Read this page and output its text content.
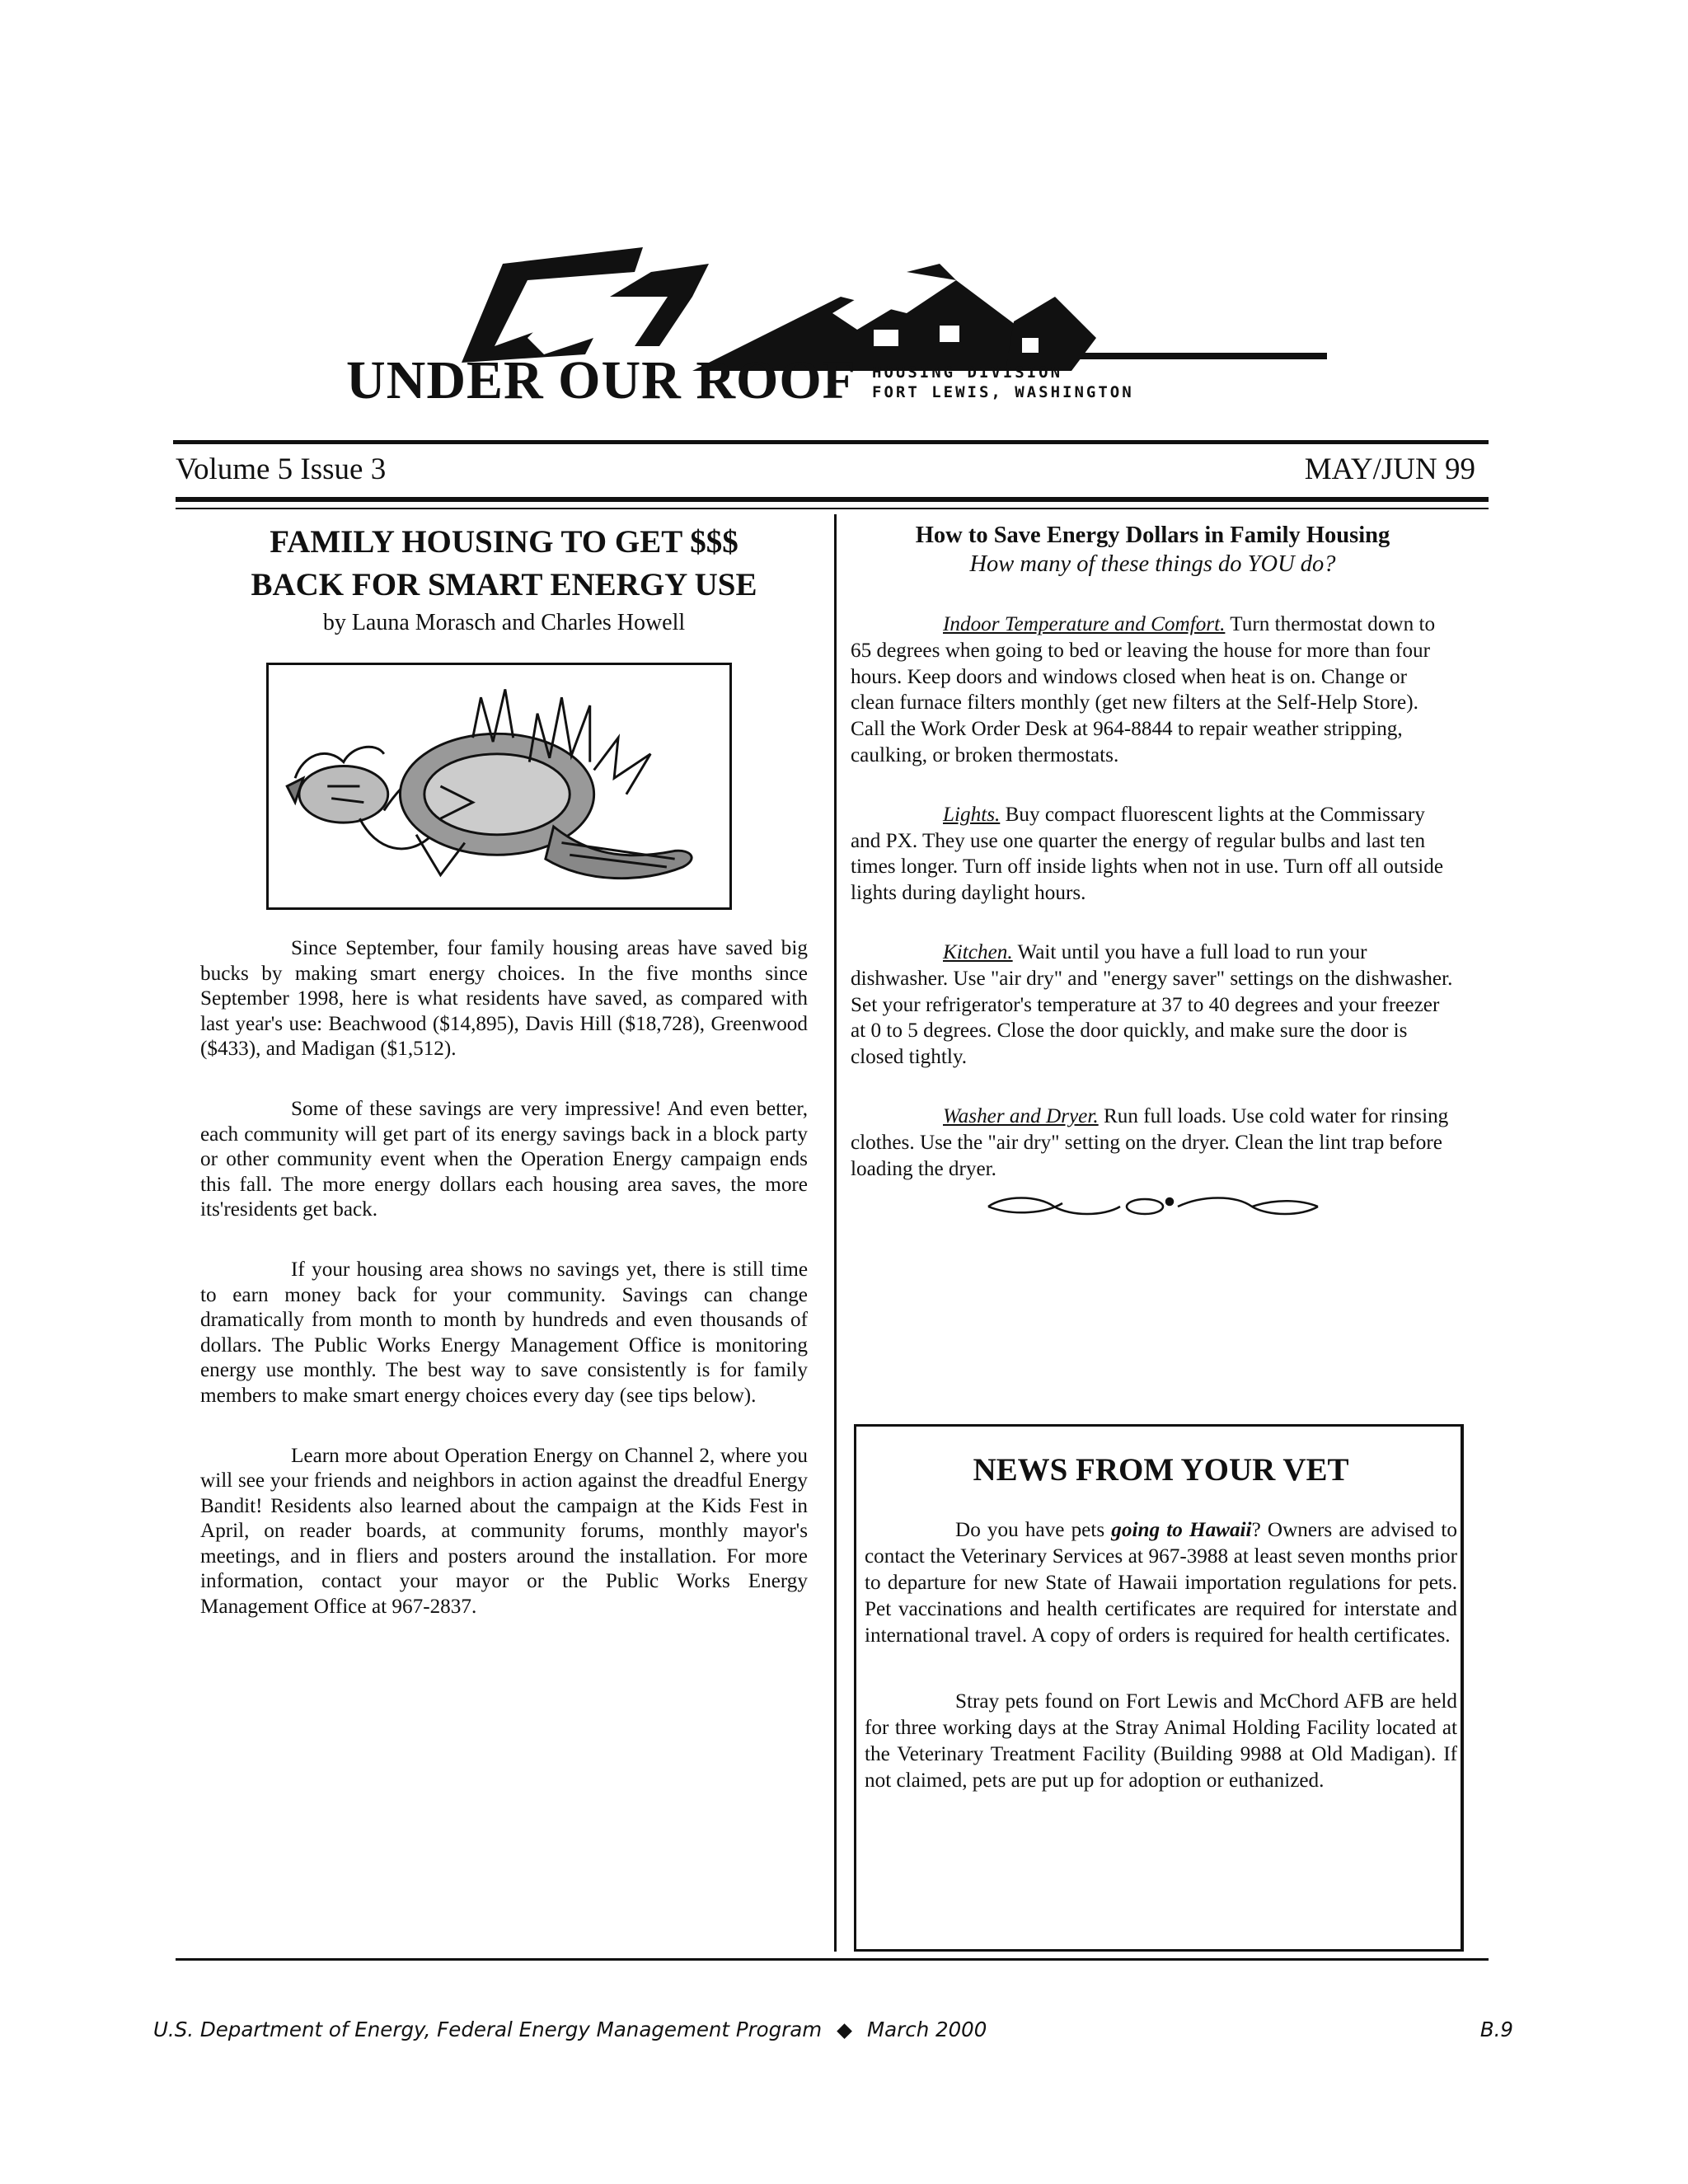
UNDER OUR ROOF HOUSING DIVISION
FORT LEWIS, WASHINGTON
Volume 5 Issue 3	MAY/JUN 99
FAMILY HOUSING TO GET $$$
BACK FOR SMART ENERGY USE
by Launa Morasch and Charles Howell

Since September, four family housing areas have saved big bucks by making smart energy choices. In the five months since September 1998, here is what residents have saved, as compared with last year's use: Beachwood ($14,895), Davis Hill ($18,728), Greenwood ($433), and Madigan ($1,512).

Some of these savings are very impressive! And even better, each community will get part of its energy savings back in a block party or other community event when the Operation Energy campaign ends this fall. The more energy dollars each housing area saves, the more its'residents get back.

If your housing area shows no savings yet, there is still time to earn money back for your community. Savings can change dramatically from month to month by hundreds and even thousands of dollars. The Public Works Energy Management Office is monitoring energy use monthly. The best way to save consistently is for family members to make smart energy choices every day (see tips below).

Learn more about Operation Energy on Channel 2, where you will see your friends and neighbors in action against the dreadful Energy Bandit! Residents also learned about the campaign at the Kids Fest in April, on reader boards, at community forums, monthly mayor's meetings, and in fliers and posters around the installation. For more information, contact your mayor or the Public Works Energy Management Office at 967-2837.

How to Save Energy Dollars in Family Housing
How many of these things do YOU do?

Indoor Temperature and Comfort. Turn thermostat down to 65 degrees when going to bed or leaving the house for more than four hours. Keep doors and windows closed when heat is on. Change or clean furnace filters monthly (get new filters at the Self-Help Store). Call the Work Order Desk at 964-8844 to repair weather stripping, caulking, or broken thermostats.

Lights. Buy compact fluorescent lights at the Commissary and PX. They use one quarter the energy of regular bulbs and last ten times longer. Turn off inside lights when not in use. Turn off all outside lights during daylight hours.

Kitchen. Wait until you have a full load to run your dishwasher. Use "air dry" and "energy saver" settings on the dishwasher. Set your refrigerator's temperature at 37 to 40 degrees and your freezer at 0 to 5 degrees. Close the door quickly, and make sure the door is closed tightly.

Washer and Dryer. Run full loads. Use cold water for rinsing clothes. Use the "air dry" setting on the dryer. Clean the lint trap before loading the dryer.

NEWS FROM YOUR VET

Do you have pets going to Hawaii? Owners are advised to contact the Veterinary Services at 967-3988 at least seven months prior to departure for new State of Hawaii importation regulations for pets. Pet vaccinations and health certificates are required for interstate and international travel. A copy of orders is required for health certificates.

Stray pets found on Fort Lewis and McChord AFB are held for three working days at the Stray Animal Holding Facility located at the Veterinary Treatment Facility (Building 9988 at Old Madigan). If not claimed, pets are put up for adoption or euthanized.

U.S. Department of Energy, Federal Energy Management Program ◆ March 2000	B.9
